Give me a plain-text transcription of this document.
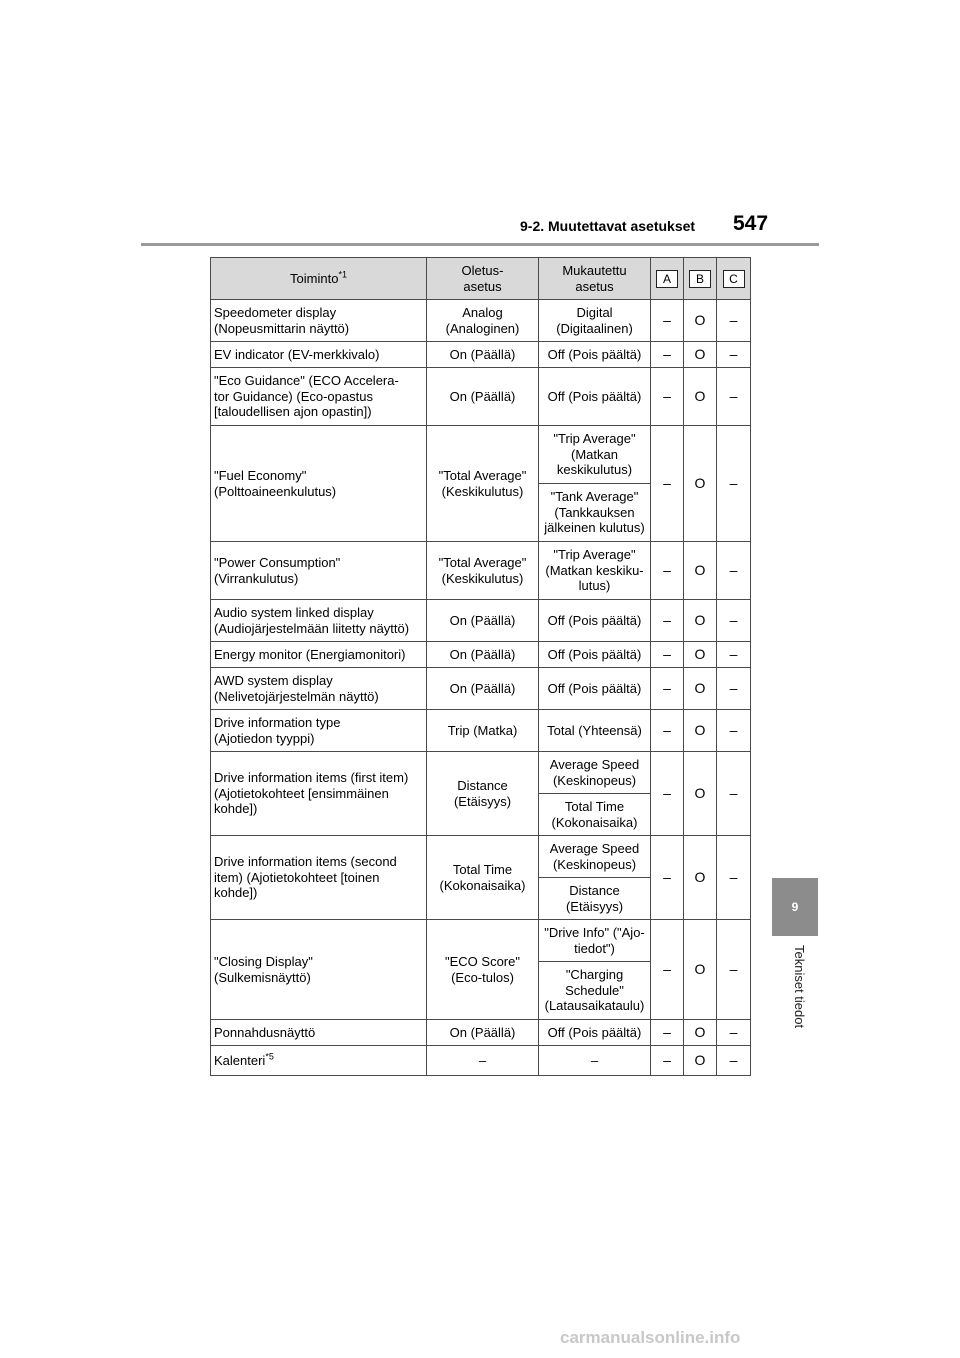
9-2. Muutettavat asetukset 547
9
Tekniset tiedot
Toiminto$^{*1}$	Oletus-
asetus	Mukautettu
asetus	A	B	C
Speedometer display
(Nopeusmittarin näyttö)	Analog
(Analoginen)	Digital
(Digitaalinen)	–	O	–
EV indicator (EV-merkkivalo)	On (Päällä)	Off (Pois päältä)	–	O	–
"Eco Guidance" (ECO Accelera-
tor Guidance) (Eco-opastus
[taloudellisen ajon opastin])	On (Päällä)	Off (Pois päältä)	–	O	–
"Fuel Economy"
(Polttoaineenkulutus)	"Total Average"
(Keskikulutus)	"Trip Average"
(Matkan
keskikulutus)	–	O	–
		"Tank Average"
(Tankkauksen
jälkeinen kulutus)			
"Power Consumption"
(Virrankulutus)	"Total Average"
(Keskikulutus)	"Trip Average"
(Matkan keskiku-
lutus)	–	O	–
Audio system linked display
(Audiojärjestelmään liitetty näyttö)	On (Päällä)	Off (Pois päältä)	–	O	–
Energy monitor (Energiamonitori)	On (Päällä)	Off (Pois päältä)	–	O	–
AWD system display
(Nelivetojärjestelmän näyttö)	On (Päällä)	Off (Pois päältä)	–	O	–
Drive information type
(Ajotiedon tyyppi)	Trip (Matka)	Total (Yhteensä)	–	O	–
Drive information items (first item)
(Ajotietokohteet [ensimmäinen
kohde])	Distance
(Etäisyys)	Average Speed
(Keskinopeus)	–	O	–
		Total Time
(Kokonaisaika)			
Drive information items (second
item) (Ajotietokohteet [toinen
kohde])	Total Time
(Kokonaisaika)	Average Speed
(Keskinopeus)	–	O	–
		Distance
(Etäisyys)			
"Closing Display"
(Sulkemisnäyttö)	"ECO Score"
(Eco-tulos)	"Drive Info" ("Ajo-
tiedot")	–	O	–
		"Charging
Schedule"
(Latausaikataulu)			
Ponnahdusnäyttö	On (Päällä)	Off (Pois päältä)	–	O	–
Kalenteri$^{*5}$	–	–	–	O	–
carmanualsonline.info
